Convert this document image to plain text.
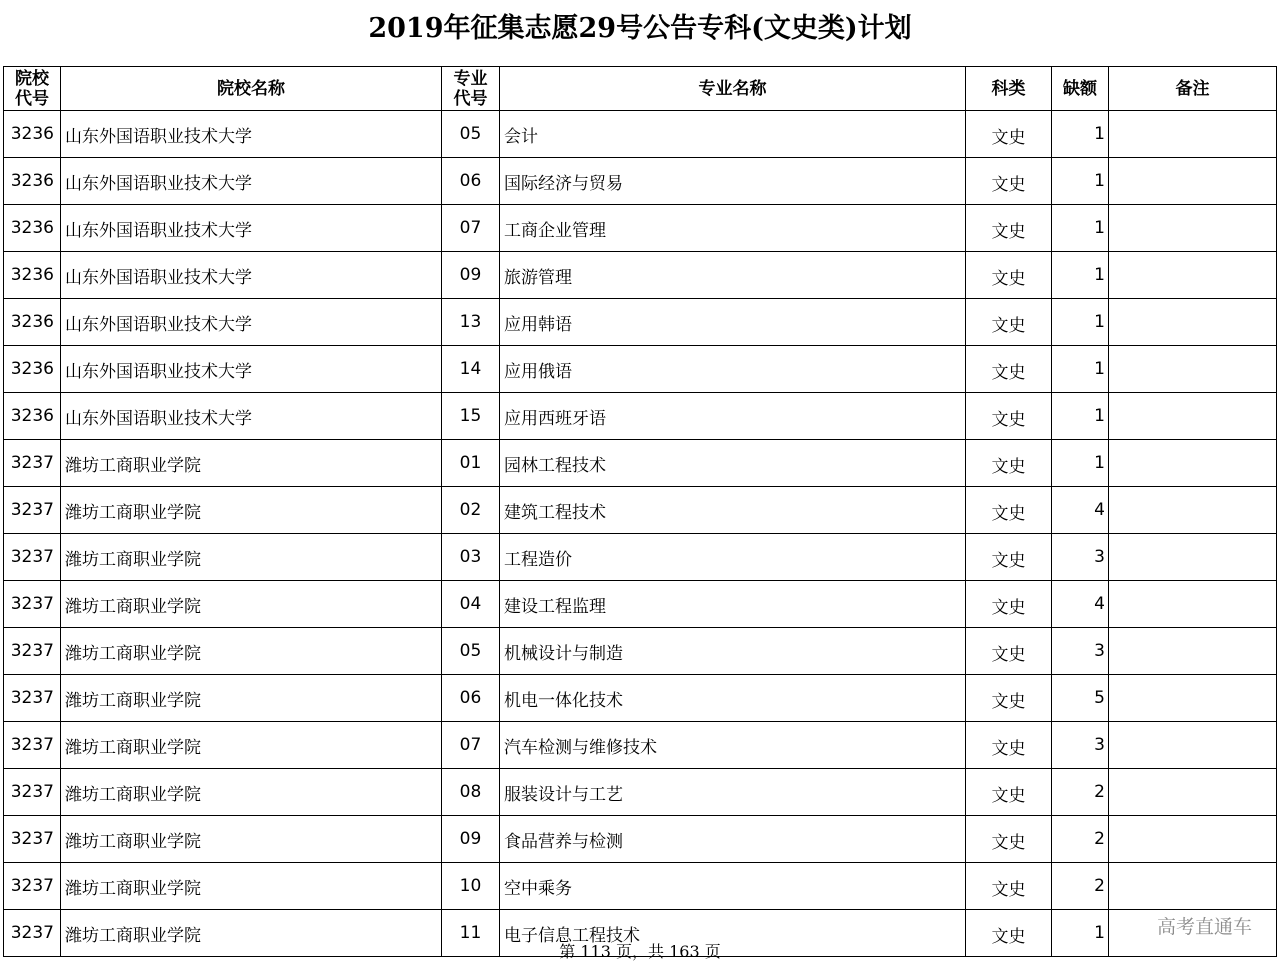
2019年征集志愿29号公告专科(文史类)计划
院校
代号	院校名称	专业
代号	专业名称	科类	缺额	备注
3236	山东外国语职业技术大学	05	会计	文史	1	
3236	山东外国语职业技术大学	06	国际经济与贸易	文史	1	
3236	山东外国语职业技术大学	07	工商企业管理	文史	1	
3236	山东外国语职业技术大学	09	旅游管理	文史	1	
3236	山东外国语职业技术大学	13	应用韩语	文史	1	
3236	山东外国语职业技术大学	14	应用俄语	文史	1	
3236	山东外国语职业技术大学	15	应用西班牙语	文史	1	
3237	潍坊工商职业学院	01	园林工程技术	文史	1	
3237	潍坊工商职业学院	02	建筑工程技术	文史	4	
3237	潍坊工商职业学院	03	工程造价	文史	3	
3237	潍坊工商职业学院	04	建设工程监理	文史	4	
3237	潍坊工商职业学院	05	机械设计与制造	文史	3	
3237	潍坊工商职业学院	06	机电一体化技术	文史	5	
3237	潍坊工商职业学院	07	汽车检测与维修技术	文史	3	
3237	潍坊工商职业学院	08	服装设计与工艺	文史	2	
3237	潍坊工商职业学院	09	食品营养与检测	文史	2	
3237	潍坊工商职业学院	10	空中乘务	文史	2	
3237	潍坊工商职业学院	11	电子信息工程技术	文史	1		高考直通车
第 113 页，共 163 页
